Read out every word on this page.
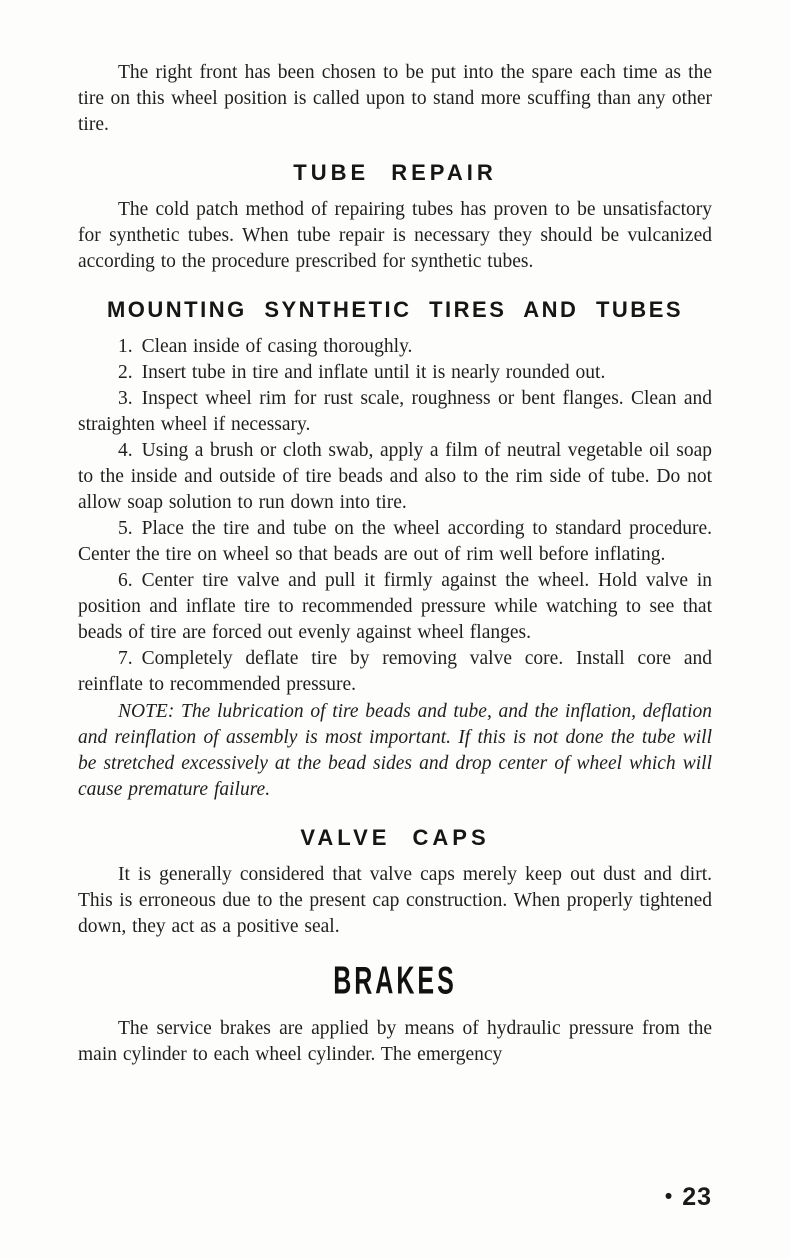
The right front has been chosen to be put into the spare each time as the tire on this wheel position is called upon to stand more scuffing than any other tire.

TUBE REPAIR

The cold patch method of repairing tubes has proven to be unsatisfactory for synthetic tubes. When tube repair is necessary they should be vulcanized according to the procedure prescribed for synthetic tubes.

MOUNTING SYNTHETIC TIRES AND TUBES

1. Clean inside of casing thoroughly.

2. Insert tube in tire and inflate until it is nearly rounded out.

3. Inspect wheel rim for rust scale, roughness or bent flanges. Clean and straighten wheel if necessary.

4. Using a brush or cloth swab, apply a film of neutral vegetable oil soap to the inside and outside of tire beads and also to the rim side of tube. Do not allow soap solution to run down into tire.

5. Place the tire and tube on the wheel according to standard procedure. Center the tire on wheel so that beads are out of rim well before inflating.

6. Center tire valve and pull it firmly against the wheel. Hold valve in position and inflate tire to recommended pressure while watching to see that beads of tire are forced out evenly against wheel flanges.

7. Completely deflate tire by removing valve core. Install core and reinflate to recommended pressure.

NOTE: The lubrication of tire beads and tube, and the inflation, deflation and reinflation of assembly is most important. If this is not done the tube will be stretched excessively at the bead sides and drop center of wheel which will cause premature failure.

VALVE CAPS

It is generally considered that valve caps merely keep out dust and dirt. This is erroneous due to the present cap construction. When properly tightened down, they act as a positive seal.

BRAKES

The service brakes are applied by means of hydraulic pressure from the main cylinder to each wheel cylinder. The emergency

• 23
